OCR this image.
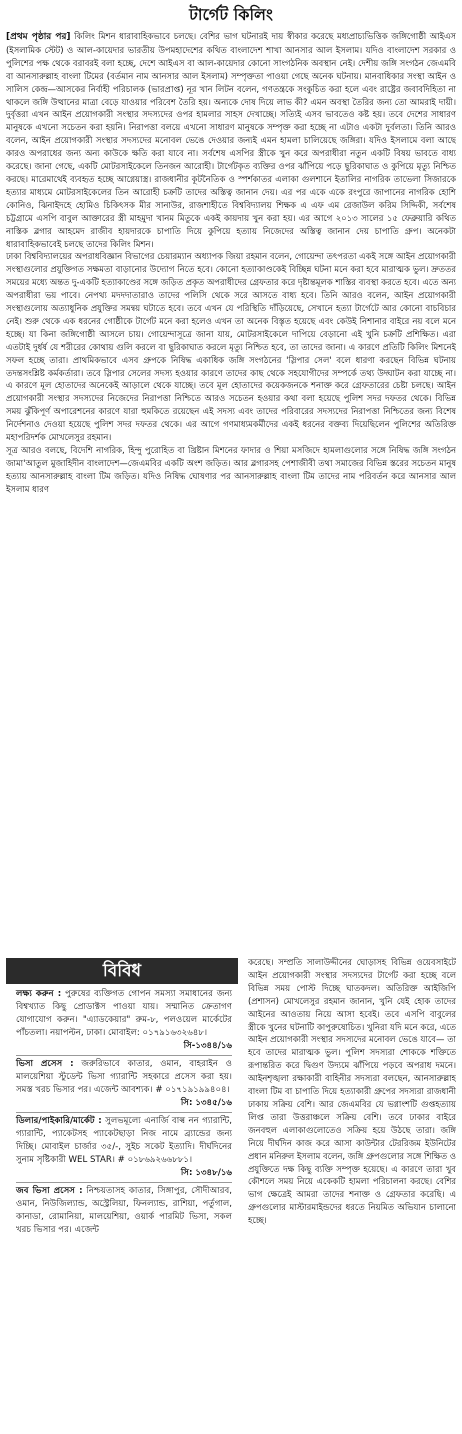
টার্গেট কিলিং

[প্রথম পৃষ্ঠার পর] কিলিং মিশন ধারাবাহিকভাবে চলছে। বেশির ভাগ ঘটনারই দায় স্বীকার করেছে মধ্যপ্রাচ্যভিত্তিক জঙ্গিগোষ্ঠী আইএস (ইসলামিক স্টেট) ও আল-কায়েদার ভারতীয় উপমহাদেশের কথিত বাংলাদেশ শাখা আনসার আল ইসলাম। যদিও বাংলাদেশ সরকার ও পুলিশের পক্ষ থেকে বরাবরই বলা হচ্ছে, দেশে আইএস বা আল-কায়েদার কোনো সাংগঠনিক অবস্থান নেই। দেশীয় জঙ্গি সংগঠন জেএমবি বা আনসারুল্লাহ বাংলা টিমের (বর্তমান নাম আনসার আল ইসলাম) সম্পৃক্ততা পাওয়া গেছে অনেক ঘটনায়। মানবাধিকার সংস্থা আইন ও সালিস কেন্দ্র—আসকের নির্বাহী পরিচালক (ভারপ্রাপ্ত) নূর খান লিটন বলেন, গণতন্ত্রকে সংকুচিত করা হলে এবং রাষ্ট্রের জবাবদিহিতা না থাকলে জঙ্গি উত্থানের মাত্রা বেড়ে যাওয়ার পরিবেশ তৈরি হয়। অন্যকে দোষ দিয়ে লাভ কী? এমন অবস্থা তৈরির জন্য তো আমরাই দায়ী। দুর্বৃত্তরা এখন আইন প্রয়োগকারী সংস্থার সদস্যদের ওপর হামলার সাহস দেখাচ্ছে। সত্যিই এসব ভাবতেও কষ্ট হয়। তবে দেশের সাধারণ মানুষকে এখনো সচেতন করা হয়নি। নিরাপত্তা বলয়ে এখনো সাধারণ মানুষকে সম্পৃক্ত করা হচ্ছে না এটাও একটা দুর্বলতা। তিনি আরও বলেন, আইন প্রয়োগকারী সংস্থার সদস্যদের মনোবল ভেঙে দেওয়ার জন্যই এমন হামলা চালিয়েছে জঙ্গিরা। যদিও ইসলামে বলা আছে কারও অপরাধের জন্য অন্য কাউকে ক্ষতি করা যাবে না। সর্বশেষ এসপির স্ত্রীকে খুন করে অপরাধীরা নতুন একটি বিষয় ভাবতে বাধ্য করেছে। জানা গেছে, একটি মোটরসাইকেলে তিনজন আরোহী। টার্গেটকৃত ব্যক্তির ওপর ঝাঁপিয়ে পড়ে ছুরিকাঘাত ও কুপিয়ে মৃত্যু নিশ্চিত করছে। মারেমাথেই ব্যবহৃত হচ্ছে আগ্নেয়াস্ত্র। রাজধানীর কূটনৈতিক ও স্পর্শকাতর এলাকা গুলশানে ইতালির নাগরিক তাভেলা সিজারকে হত্যার মাধ্যমে মোটরসাইকেলের তিন আরোহী চক্রটি তাদের অস্তিত্ব জানান দেয়। এর পর একে একে রংপুরে জাপানের নাগরিক হোশি কোনিও, ঝিনাইদহে হোমিও চিকিৎসক মীর সানাউর, রাজশাহীতে বিশ্ববিদ্যালয় শিক্ষক এ এফ এম রেজাউল করিম সিদ্দিকী, সর্বশেষ চট্টগ্রামে এসপি বাবুল আক্তারের স্ত্রী মাহমুদা খানম মিতুকে একই কায়দায় খুন করা হয়। এর আগে ২০১৩ সালের ১৫ ফেব্রুয়ারি কথিত নাস্তিক ব্লগার আহমেদ রাজীব হায়দারকে চাপাতি দিয়ে কুপিয়ে হত্যায় নিজেদের অস্তিত্ব জানান দেয় চাপাতি গ্রুপ। অনেকটা ধারাবাহিকভাবেই চলছে তাদের কিলিং মিশন।

ঢাকা বিশ্ববিদ্যালয়ের অপরাধবিজ্ঞান বিভাগের চেয়ারম্যান অধ্যাপক জিয়া রহমান বলেন, গোয়েন্দা তৎপরতা একই সঙ্গে আইন প্রয়োগকারী সংস্থাগুলোর প্রযুক্তিগত সক্ষমতা বাড়ানোর উদ্যোগ নিতে হবে। কোনো হত্যাকাণ্ডকেই বিচ্ছিন্ন ঘটনা মনে করা হবে মারাত্মক ভুল। দ্রুততর সময়ের মধ্যে অন্তত দু-একটি হত্যাকাণ্ডের সঙ্গে জড়িত প্রকৃত অপরাধীদের গ্রেফতার করে দৃষ্টান্তমূলক শাস্তির ব্যবস্থা করতে হবে। এতে অন্য অপরাধীরা ভয় পাবে। নেপথ্য মদদদাতারাও তাদের পলিসি থেকে সরে আসতে বাধ্য হবে। তিনি আরও বলেন, আইন প্রয়োগকারী সংস্থাগুলোয় অত্যাধুনিক প্রযুক্তির সমন্বয় ঘটাতে হবে। তবে এখন যে পরিস্থিতি দাঁড়িয়েছে, সেখানে হত্যা টার্গেটে আর কোনো বাচবিচার নেই। শুরু থেকে এক ধরনের গোষ্ঠীকে টার্গেট মনে করা হলেও এখন তা অনেক বিস্তৃত হয়েছে এবং কেউই নিশানার বাইরে নয় বলে মনে হচ্ছে। যা কিনা জঙ্গিগোষ্ঠী আসলে চায়। গোয়েন্দাসূত্রে জানা যায়, মোটরসাইকেলে দাপিয়ে বেড়ানো এই খুনি চক্রটি প্রশিক্ষিত। এরা এতটাই দুর্ধর্ষ যে শরীরের কোথায় গুলি করলে বা ছুরিকাঘাত করলে মৃত্যু নিশ্চিত হবে, তা তাদের জানা। এ কারণে প্রতিটি কিলিং মিশনেই সফল হচ্ছে তারা। প্রাথমিকভাবে এসব গ্রুপকে নিষিদ্ধ একাধিক জঙ্গি সংগঠনের 'স্লিপার সেল' বলে ধারণা করছেন বিভিন্ন ঘটনায় তদন্তসংশ্লিষ্ট কর্মকর্তারা। তবে স্লিপার সেলের সদস্য হওয়ার কারণে তাদের কাছ থেকে সহযোগীদের সম্পর্কে তথ্য উদ্ঘাটন করা যাচ্ছে না। এ কারণে মূল হোতাদের অনেকেই আড়ালে থেকে যাচ্ছে। তবে মূল হোতাদের কয়েকজনকে শনাক্ত করে গ্রেফতারের চেষ্টা চলছে। আইন প্রয়োগকারী সংস্থার সদস্যদের নিজেদের নিরাপত্তা নিশ্চিতে আরও সচেতন হওয়ার কথা বলা হয়েছে পুলিশ সদর দফতর থেকে। বিভিন্ন সময় ঝুঁকিপূর্ণ অপারেশনের কারণে যারা হুমকিতে রয়েছেন এই সদস্য এবং তাদের পরিবারের সদস্যদের নিরাপত্তা নিশ্চিতের জন্য বিশেষ নির্দেশনাও দেওয়া হয়েছে পুলিশ সদর দফতর থেকে। এর আগে গণমাধ্যমকর্মীদের একই ধরনের বক্তব্য দিয়েছিলেন পুলিশের অতিরিক্ত মহাপরিদর্শক মোখলেসুর রহমান।

সূত্র আরও বলছে, বিদেশি নাগরিক, হিন্দু পুরোহিত বা খ্রিষ্টান মিশনের ফাদার ও শিয়া মসজিদে হামলাগুলোর সঙ্গে নিষিদ্ধ জঙ্গি সংগঠন জামা'আতুল মুজাহিদীন বাংলাদেশ—জেএমবির একটি অংশ জড়িত। আর ব্লগারসহ পেশাজীবী তথা সমাজের বিভিন্ন স্তরের সচেতন মানুষ হত্যায় আনসারুল্লাহ বাংলা টিম জড়িত। যদিও নিষিদ্ধ ঘোষণার পর আনসারুল্লাহ বাংলা টিম তাদের নাম পরিবর্তন করে আনসার আল ইসলাম ধারণ

বিবিধ

লক্ষ্য করুন : পুরুষের ব্যক্তিগত গোপন সমস্যা সমাধানের জন্য বিশ্বখ্যাত কিছু প্রোডাক্টস পাওয়া যায়। সম্মানিত ক্রেতাগণ যোগাযোগ করুন। "এ্যাডকেয়ার" রুম-৮, পলওয়েল মার্কেটের পাঁচতলা। নয়াপল্টন, ঢাকা। মোবাইল: ০১৭৯১৬৩২৬৪৮।

সি-১৩৪৪/১৬

ভিসা প্রসেস : জরুরিভাবে কাতার, ওমান, বাহরাইন ও মালয়েশিয়া স্টুডেন্ট ভিসা গ্যারান্টি সহকারে প্রসেস করা হয়। সমস্ত খরচ ভিসার পর। এজেন্ট আবশ্যক। # ০১৭১৯১৯৯৪০৪।

সি: ১৩৪৫/১৬

ডিলার/পাইকারি/মার্কেট : সুলভমূল্যে এনার্জি বাল্ব নন গ্যারান্টি, গ্যারান্টি, প্যাকেটসহ প্যাকেটছাড়া নিজ নামে ব্র্যান্ডের জন্য দিচ্ছি। মোবাইল চার্জার ৩৫/-, সুইচ সকেট ইত্যাদি। দীর্ঘদিনের সুনাম সৃষ্টিকারী WEL STAR। # ০১৮৬৯২৬৬৮৮১।

সি: ১৩৪৮/১৬

জব ভিসা প্রসেস : নিশ্চয়তাসহ কাতার, সিঙ্গাপুর, সৌদীআরব, ওমান, নিউজিল্যান্ড, অস্ট্রেলিয়া, ফিনল্যান্ড, রাশিয়া, পর্তুগাল, কানাডা, রোমানিয়া, মালয়েশিয়া, ওয়ার্ক পারমিট ভিসা, সকল খরচ ভিসার পর। এজেন্ট

করেছে। সম্প্রতি সালাউদ্দীনের ঘোড়াসহ বিভিন্ন ওয়েবসাইটে আইন প্রয়োগকারী সংস্থার সদস্যদের টার্গেট করা হচ্ছে বলে বিভিন্ন সময় পোস্ট দিচ্ছে ঘাতকদল। অতিরিক্ত আইজিপি (প্রশাসন) মোখলেসুর রহমান জানান, খুনি যেই হোক তাদের আইনের আওতায় নিয়ে আসা হবেই। তবে এসপি বাবুলের স্ত্রীকে খুনের ঘটনাটি কাপুরুষোচিত। খুনিরা যদি মনে করে, এতে আইন প্রয়োগকারী সংস্থার সদস্যদের মনোবল ভেঙে যাবে— তা হবে তাদের মারাত্মক ভুল। পুলিশ সদস্যরা শোককে শক্তিতে রূপান্তরিত করে দ্বিগুণ উদ্যমে ঝাঁপিয়ে পড়বে অপরাধ দমনে। আইনশৃঙ্খলা রক্ষাকারী বাহিনীর সদস্যরা বলছেন, আনসারুল্লাহ বাংলা টিম বা চাপাতি দিয়ে হত্যাকারী গ্রুপের সদস্যরা রাজধানী ঢাকায় সক্রিয় বেশি। আর জেএমবির যে ভগ্নাংশটি গুপ্তহত্যায় লিপ্ত তারা উত্তরাঞ্চলে সক্রিয় বেশি। তবে ঢাকার বাইরে জনবহুল এলাকাগুলোতেও সক্রিয় হয়ে উঠছে তারা। জঙ্গি নিয়ে দীর্ঘদিন কাজ করে আসা কাউন্টার টেররিজম ইউনিটের প্রধান মনিরুল ইসলাম বলেন, জঙ্গি গ্রুপগুলোর সঙ্গে শিক্ষিত ও প্রযুক্তিতে দক্ষ কিছু ব্যক্তি সম্পৃক্ত হয়েছে। এ কারণে তারা খুব কৌশলে সময় নিয়ে একেকটি হামলা পরিচালনা করছে। বেশির ভাগ ক্ষেত্রেই আমরা তাদের শনাক্ত ও গ্রেফতার করেছি। এ গ্রুপগুলোর মাস্টারমাইন্ডদের ধরতে নিয়মিত অভিযান চালানো হচ্ছে।
